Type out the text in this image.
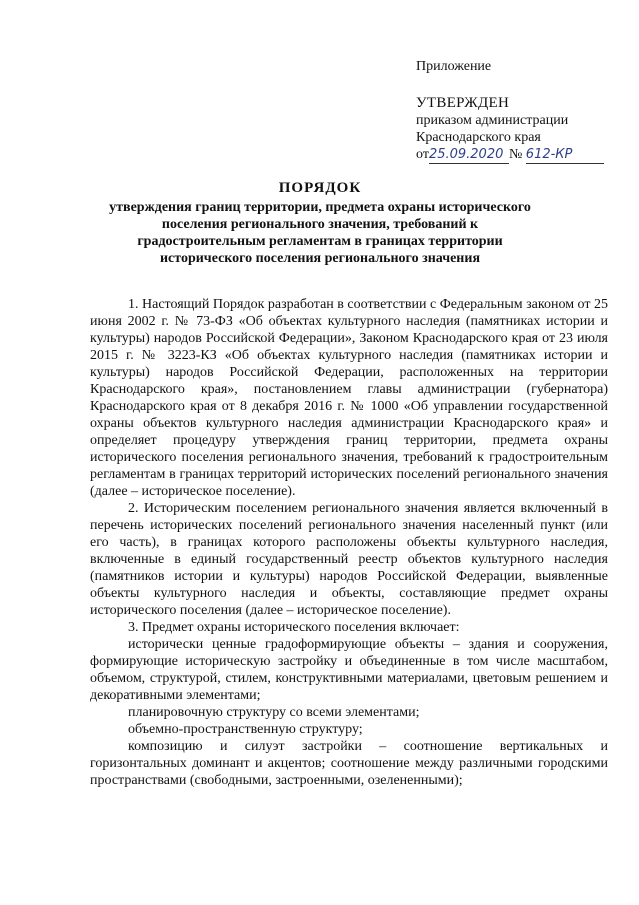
Приложение
УТВЕРЖДЕН
приказом администрации
Краснодарского края
от25.09.2020 № 612-КР
ПОРЯДОК
утверждения границ территории, предмета охраны исторического поселения регионального значения, требований к градостроительным регламентам в границах территории исторического поселения регионального значения

1. Настоящий Порядок разработан в соответствии с Федеральным законом от 25 июня 2002 г. № 73-ФЗ «Об объектах культурного наследия (памятниках истории и культуры) народов Российской Федерации», Законом Краснодарского края от 23 июля 2015 г. № 3223-КЗ «Об объектах культурного наследия (памятниках истории и культуры) народов Российской Федерации, расположенных на территории Краснодарского края», постановлением главы администрации (губернатора) Краснодарского края от 8 декабря 2016 г. № 1000 «Об управлении государственной охраны объектов культурного наследия администрации Краснодарского края» и определяет процедуру утверждения границ территории, предмета охраны исторического поселения регионального значения, требований к градостроительным регламентам в границах территорий исторических поселений регионального значения (далее – историческое поселение).

2. Историческим поселением регионального значения является включенный в перечень исторических поселений регионального значения населенный пункт (или его часть), в границах которого расположены объекты культурного наследия, включенные в единый государственный реестр объектов культурного наследия (памятников истории и культуры) народов Российской Федерации, выявленные объекты культурного наследия и объекты, составляющие предмет охраны исторического поселения (далее – историческое поселение).

3. Предмет охраны исторического поселения включает:

исторически ценные градоформирующие объекты – здания и сооружения, формирующие историческую застройку и объединенные в том числе масштабом, объемом, структурой, стилем, конструктивными материалами, цветовым решением и декоративными элементами;

планировочную структуру со всеми элементами;

объемно-пространственную структуру;

композицию и силуэт застройки – соотношение вертикальных и горизонтальных доминант и акцентов; соотношение между различными городскими пространствами (свободными, застроенными, озелененными);
